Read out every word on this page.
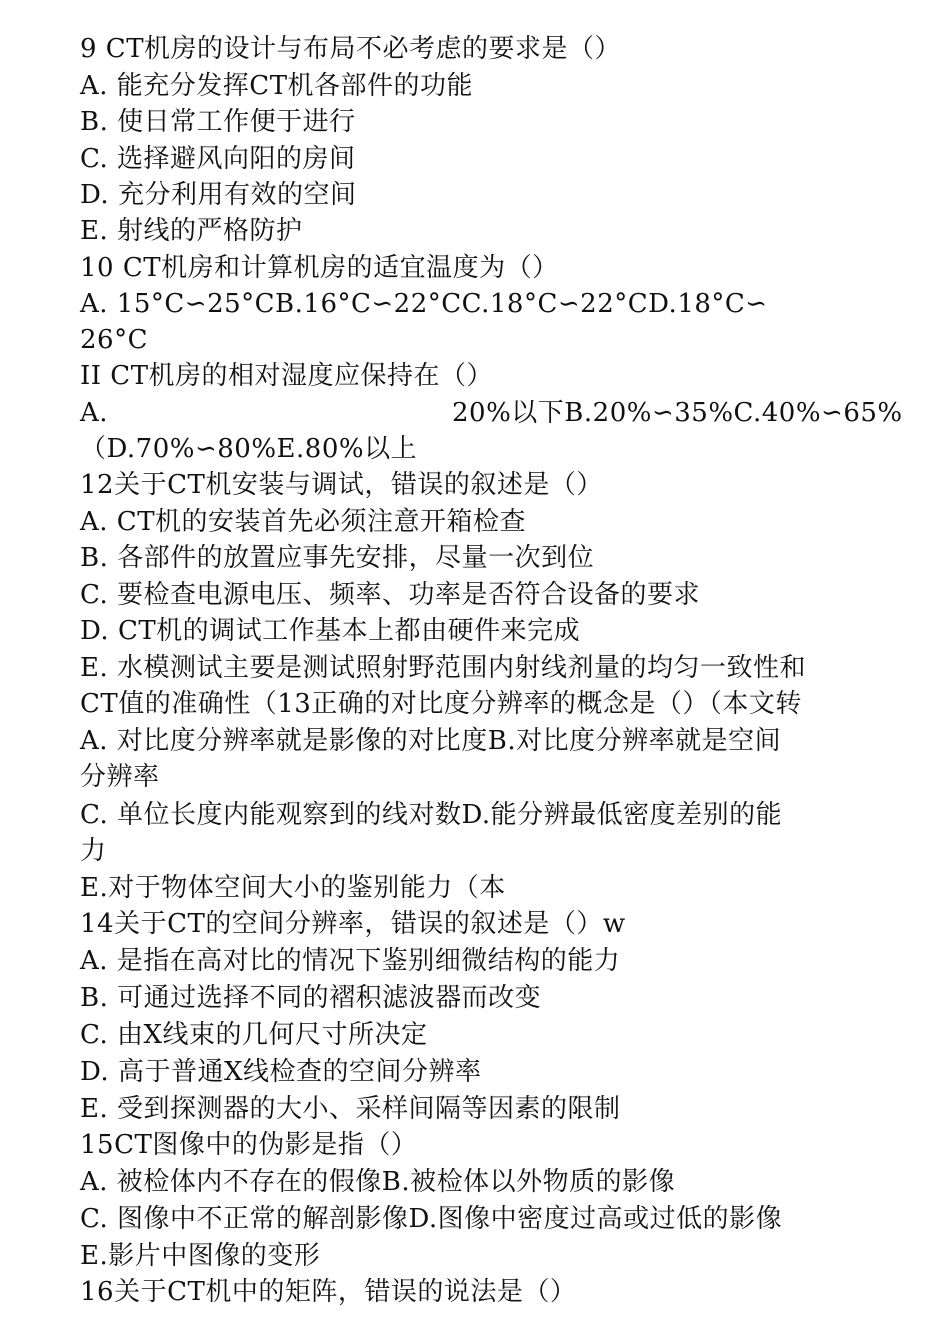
9 CT机房的设计与布局不必考虑的要求是（）
A. 能充分发挥CT机各部件的功能
B. 使日常工作便于进行
C. 选择避风向阳的房间
D. 充分利用有效的空间
E. 射线的严格防护
10 CT机房和计算机房的适宜温度为（）
A. 15°C∽25°CB.16°C∽22°CC.18°C∽22°CD.18°C∽
26°C
II CT机房的相对湿度应保持在（）
A.	20%以下B.20%∽35%C.40%∽65%
（D.70%∽80%E.80%以上
12关于CT机安装与调试，错误的叙述是（）
A. CT机的安装首先必须注意开箱检查
B. 各部件的放置应事先安排，尽量一次到位
C. 要检查电源电压、频率、功率是否符合设备的要求
D. CT机的调试工作基本上都由硬件来完成
E. 水模测试主要是测试照射野范围内射线剂量的均匀一致性和
CT值的准确性（13正确的对比度分辨率的概念是（）（本文转
A. 对比度分辨率就是影像的对比度B.对比度分辨率就是空间
分辨率
C. 单位长度内能观察到的线对数D.能分辨最低密度差别的能
力
E.对于物体空间大小的鉴别能力（本
14关于CT的空间分辨率，错误的叙述是（）w
A. 是指在高对比的情况下鉴别细微结构的能力
B. 可通过选择不同的褶积滤波器而改变
C. 由X线束的几何尺寸所决定
D. 高于普通X线检查的空间分辨率
E. 受到探测器的大小、采样间隔等因素的限制
15CT图像中的伪影是指（）
A. 被检体内不存在的假像B.被检体以外物质的影像
C. 图像中不正常的解剖影像D.图像中密度过高或过低的影像
E.影片中图像的变形
16关于CT机中的矩阵，错误的说法是（）
